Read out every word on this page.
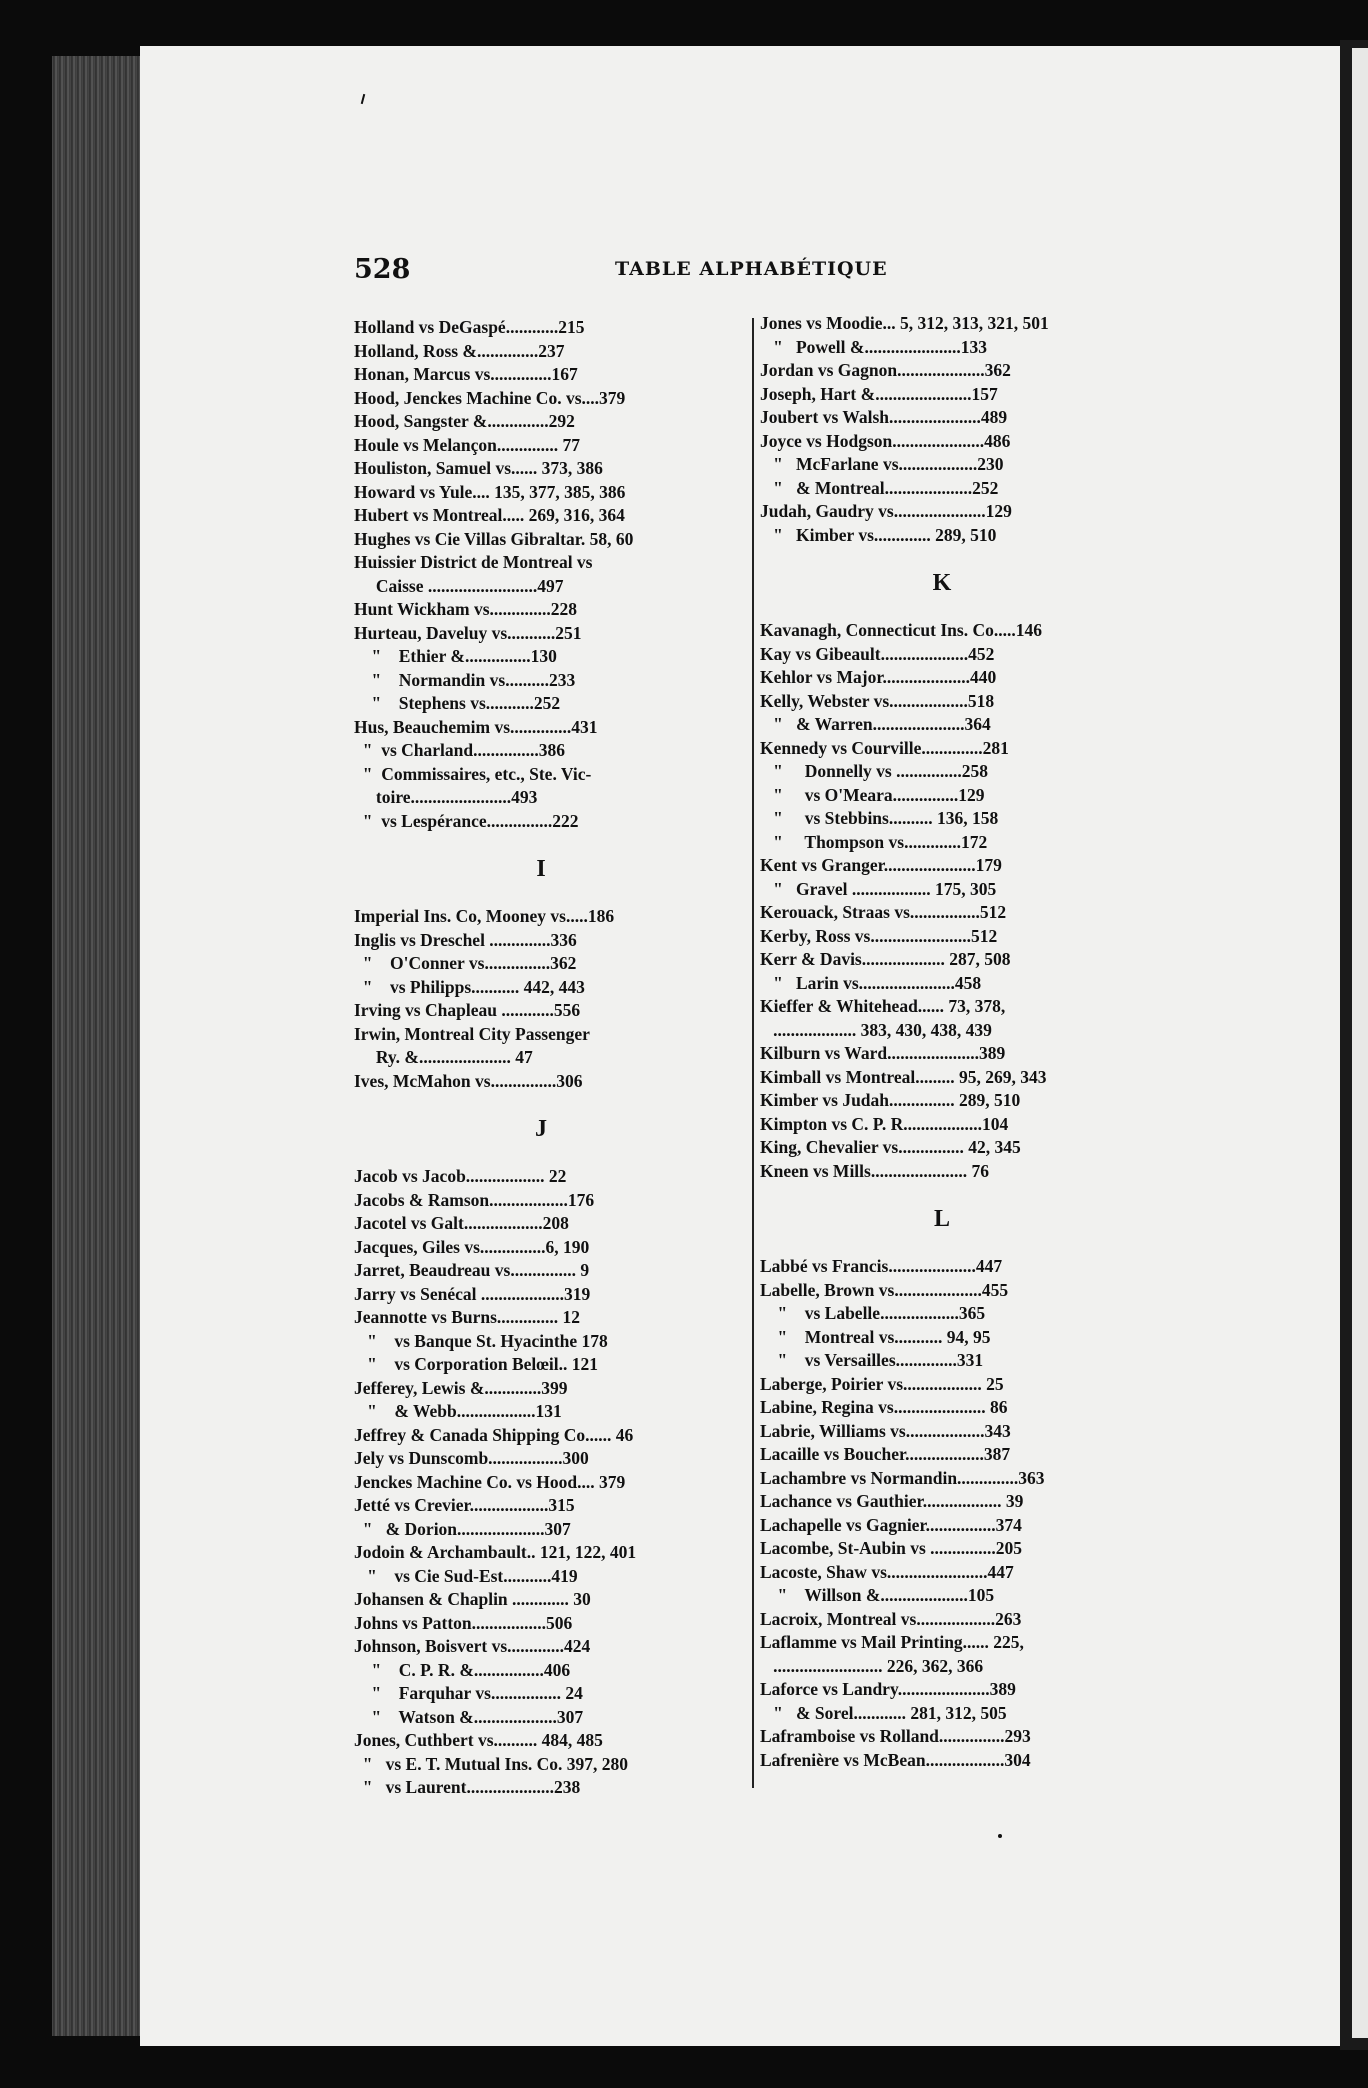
528	TABLE ALPHABÉTIQUE
Holland vs DeGaspé............215
Holland, Ross &..............237
Honan, Marcus vs..............167
Hood, Jenckes Machine Co. vs....379
Hood, Sangster &..............292
Houle vs Melançon.............. 77
Houliston, Samuel vs...... 373, 386
Howard vs Yule.... 135, 377, 385, 386
Hubert vs Montreal..... 269, 316, 364
Hughes vs Cie Villas Gibraltar. 58, 60
Huissier District de Montreal vs
Caisse .........................497
Hunt Wickham vs..............228
Hurteau, Daveluy vs...........251
"    Ethier &...............130
"    Normandin vs..........233
"    Stephens vs...........252
Hus, Beauchemim vs..............431
"  vs Charland...............386
"  Commissaires, etc., Ste. Vic-
toire.......................493
"  vs Lespérance...............222
I
Imperial Ins. Co, Mooney vs.....186
Inglis vs Dreschel ..............336
"    O'Conner vs...............362
"    vs Philipps........... 442, 443
Irving vs Chapleau ............556
Irwin, Montreal City Passenger
Ry. &..................... 47
Ives, McMahon vs...............306
J
Jacob vs Jacob.................. 22
Jacobs & Ramson..................176
Jacotel vs Galt..................208
Jacques, Giles vs...............6, 190
Jarret, Beaudreau vs............... 9
Jarry vs Senécal ...................319
Jeannotte vs Burns.............. 12
"    vs Banque St. Hyacinthe 178
"    vs Corporation Belœil.. 121
Jefferey, Lewis &.............399
"    & Webb..................131
Jeffrey & Canada Shipping Co...... 46
Jely vs Dunscomb.................300
Jenckes Machine Co. vs Hood.... 379
Jetté vs Crevier..................315
"   & Dorion....................307
Jodoin & Archambault.. 121, 122, 401
"    vs Cie Sud-Est...........419
Johansen & Chaplin ............. 30
Johns vs Patton.................506
Johnson, Boisvert vs.............424
"    C. P. R. &................406
"    Farquhar vs................ 24
"    Watson &...................307
Jones, Cuthbert vs.......... 484, 485
"   vs E. T. Mutual Ins. Co. 397, 280
"   vs Laurent....................238
Jones vs Moodie... 5, 312, 313, 321, 501
"   Powell &......................133
Jordan vs Gagnon....................362
Joseph, Hart &......................157
Joubert vs Walsh.....................489
Joyce vs Hodgson.....................486
"   McFarlane vs..................230
"   & Montreal....................252
Judah, Gaudry vs.....................129
"   Kimber vs............. 289, 510
K
Kavanagh, Connecticut Ins. Co.....146
Kay vs Gibeault....................452
Kehlor vs Major....................440
Kelly, Webster vs..................518
"   & Warren.....................364
Kennedy vs Courville..............281
"     Donnelly vs ...............258
"     vs O'Meara...............129
"     vs Stebbins.......... 136, 158
"     Thompson vs.............172
Kent vs Granger.....................179
"   Gravel .................. 175, 305
Kerouack, Straas vs................512
Kerby, Ross vs.......................512
Kerr & Davis................... 287, 508
"   Larin vs......................458
Kieffer & Whitehead...... 73, 378,
................... 383, 430, 438, 439
Kilburn vs Ward.....................389
Kimball vs Montreal......... 95, 269, 343
Kimber vs Judah............... 289, 510
Kimpton vs C. P. R..................104
King, Chevalier vs............... 42, 345
Kneen vs Mills...................... 76
L
Labbé vs Francis....................447
Labelle, Brown vs....................455
"    vs Labelle..................365
"    Montreal vs........... 94, 95
"    vs Versailles..............331
Laberge, Poirier vs.................. 25
Labine, Regina vs..................... 86
Labrie, Williams vs..................343
Lacaille vs Boucher..................387
Lachambre vs Normandin..............363
Lachance vs Gauthier.................. 39
Lachapelle vs Gagnier................374
Lacombe, St-Aubin vs ...............205
Lacoste, Shaw vs.......................447
"    Willson &....................105
Lacroix, Montreal vs..................263
Laflamme vs Mail Printing...... 225,
......................... 226, 362, 366
Laforce vs Landry.....................389
"   & Sorel............ 281, 312, 505
Laframboise vs Rolland...............293
Lafrenière vs McBean..................304
